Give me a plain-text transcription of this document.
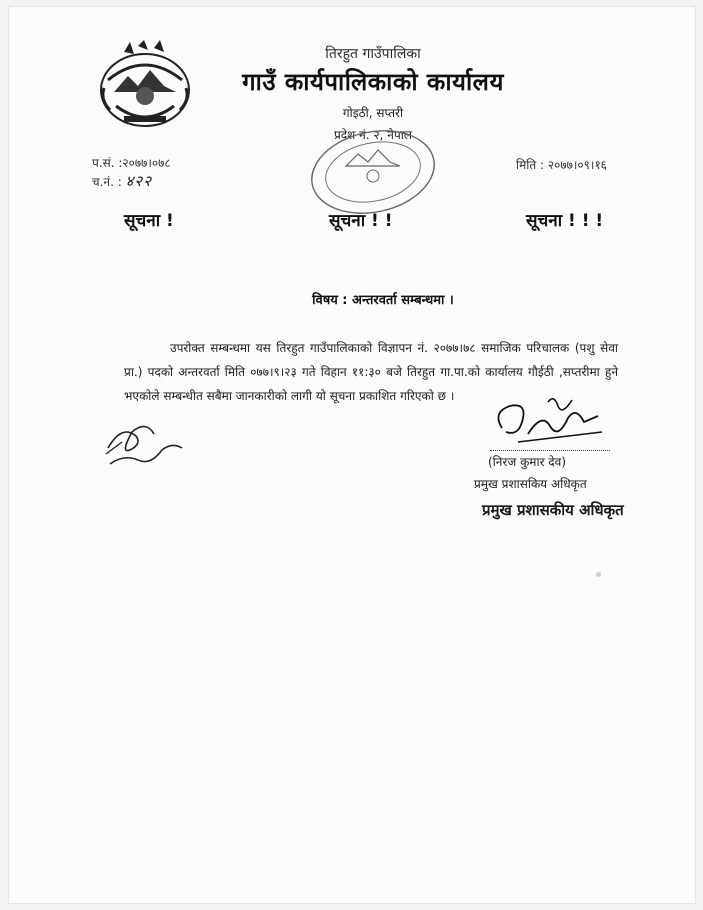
तिरहुत गाउँपालिका
गाउँ कार्यपालिकाको कार्यालय
गोइठी, सप्तरी
प्रदेश नं. २, नेपाल
प.सं. :२०७७।०७८
च.नं. : ४२२
मिति : २०७७।०९।१६
सूचना !	सूचना ! !	सूचना ! ! !
विषय : अन्तरवर्ता सम्बन्धमा ।
उपरोक्त सम्बन्धमा यस तिरहुत गाउँपालिकाको विज्ञापन नं. २०७७।७८ समाजिक परिचालक (पशु सेवा प्रा.) पदको अन्तरवर्ता मिति ०७७।९।२३ गते विहान ११:३० बजे तिरहुत गा.पा.को कार्यालय गौईठी ,सप्तरीमा हुने भएकोले सम्बन्धीत सबैमा जानकारीको लागी यो सूचना प्रकाशित गरिएको छ ।
(निरज कुमार देव)
प्रमुख प्रशासकिय अधिकृत
प्रमुख प्रशासकीय अधिकृत
